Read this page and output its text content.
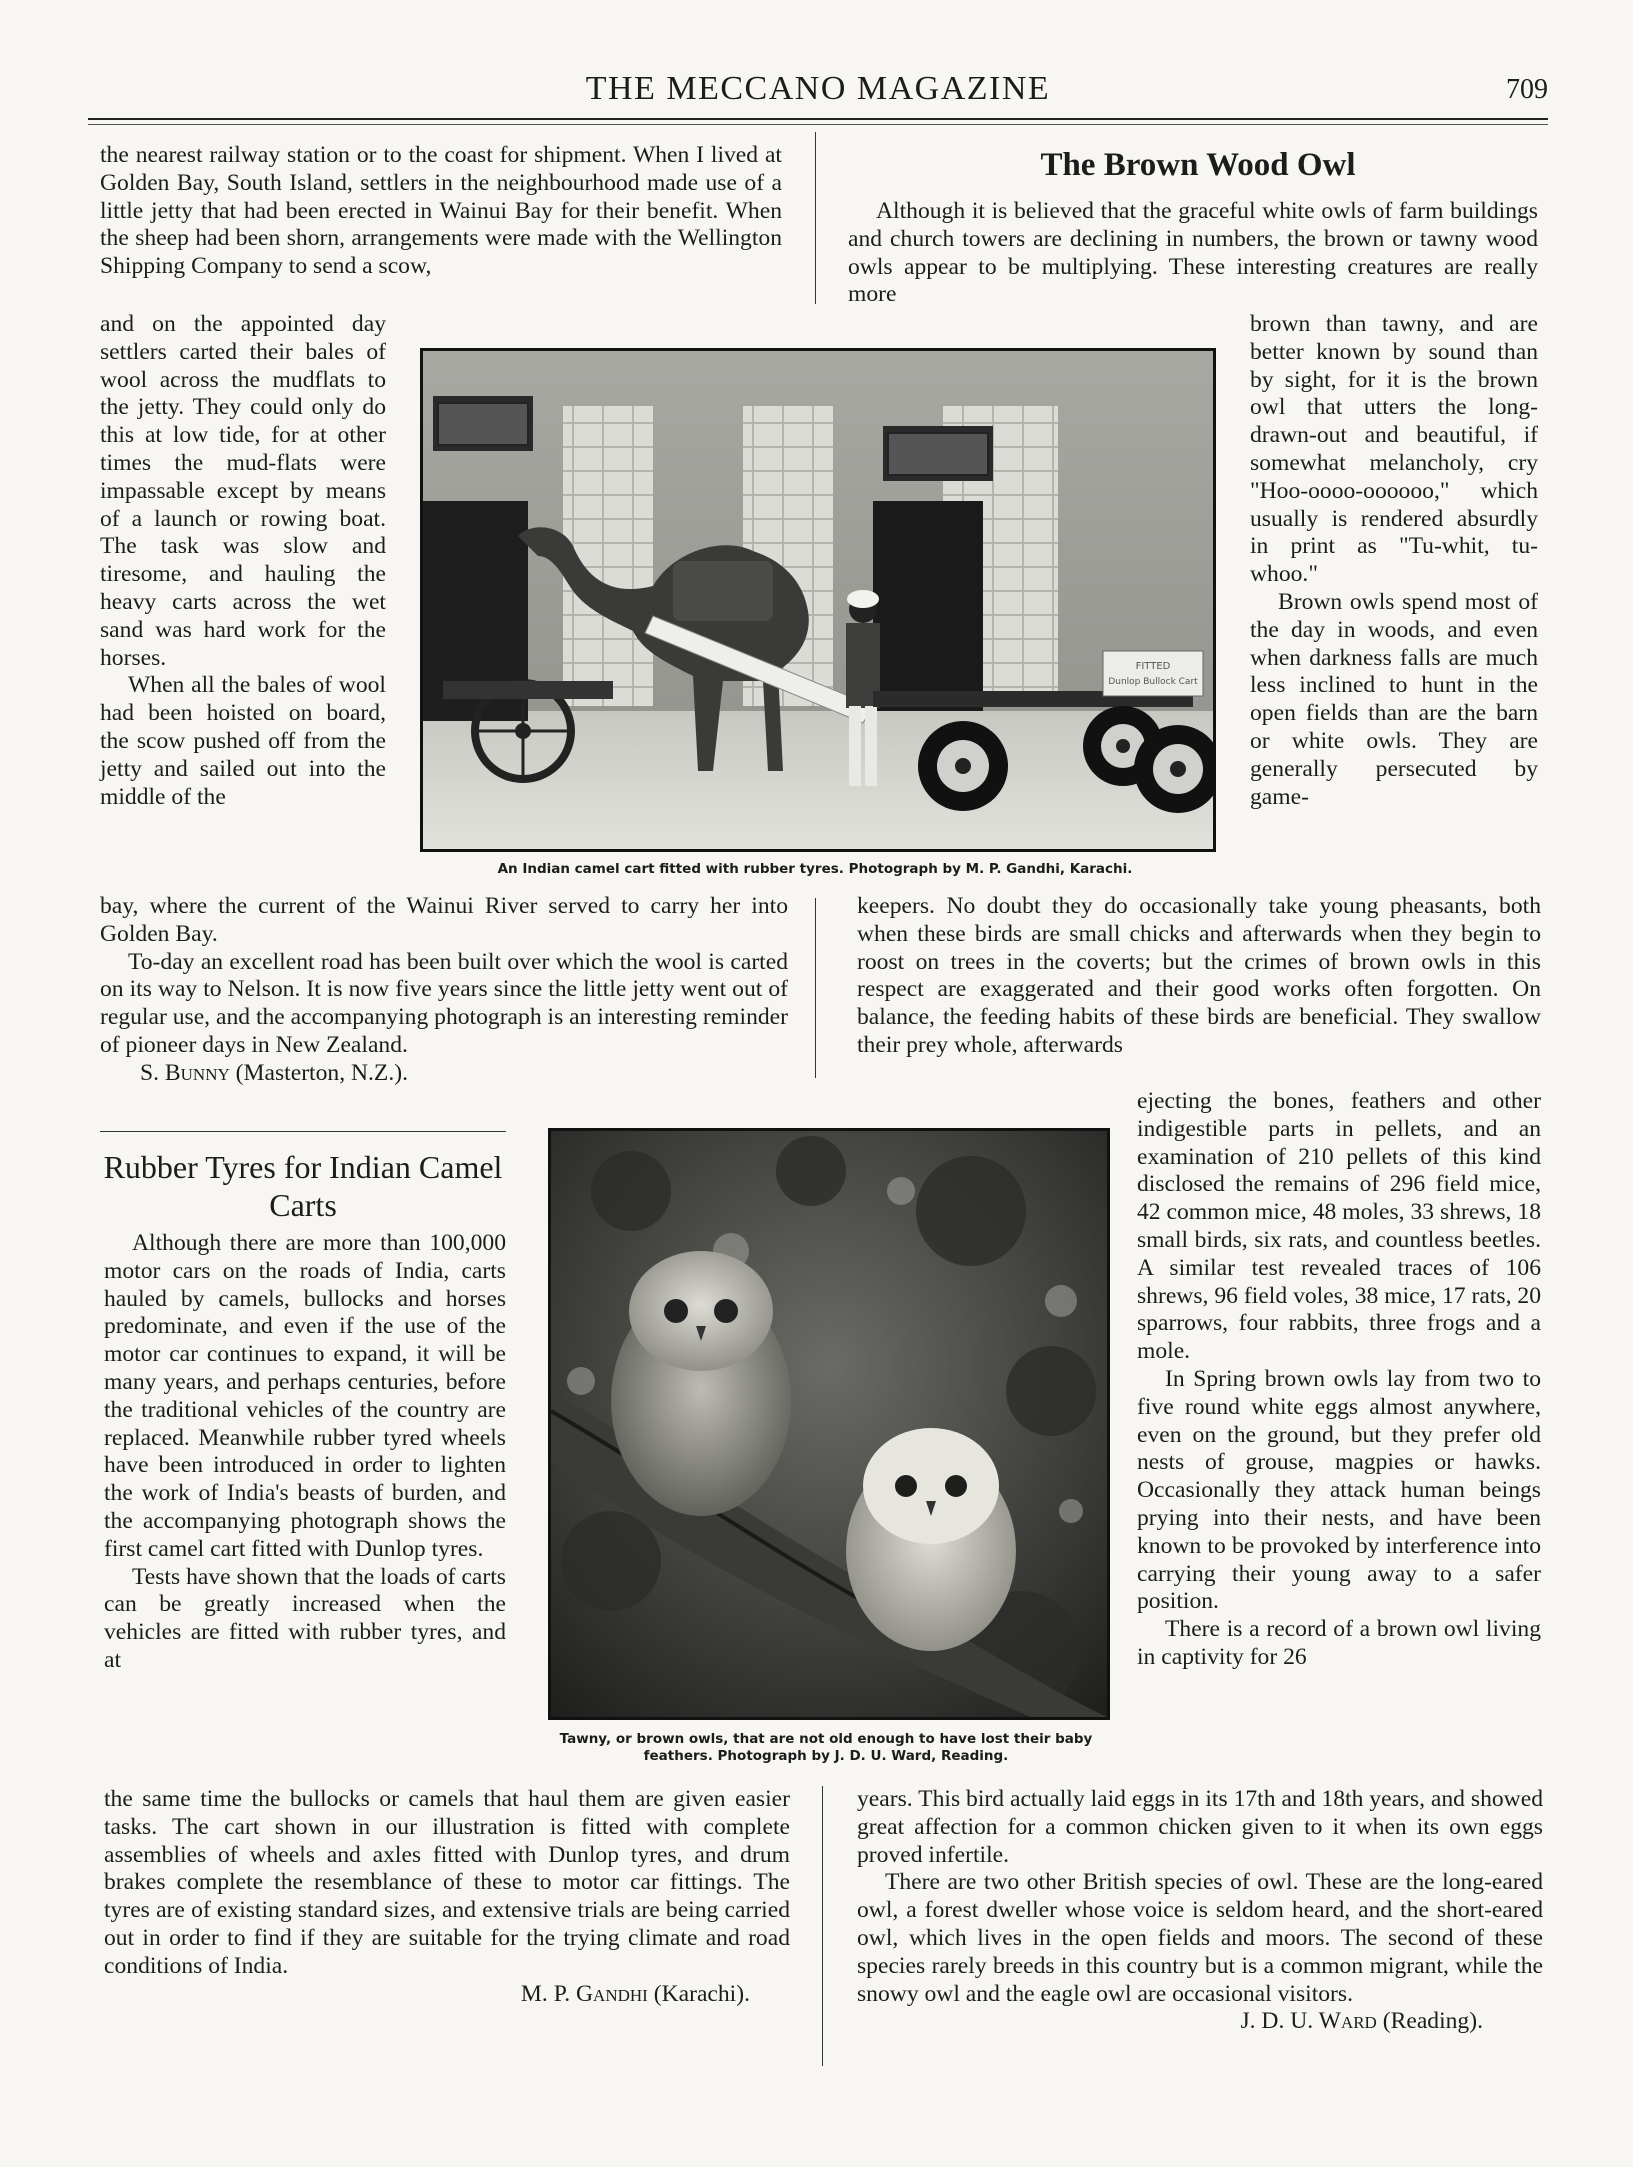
THE MECCANO MAGAZINE	709

the nearest railway station or to the coast for shipment. When I lived at Golden Bay, South Island, settlers in the neighbourhood made use of a little jetty that had been erected in Wainui Bay for their benefit. When the sheep had been shorn, arrangements were made with the Wellington Shipping Company to send a scow,

and on the appointed day settlers carted their bales of wool across the mudflats to the jetty. They could only do this at low tide, for at other times the mud-flats were impassable except by means of a launch or rowing boat. The task was slow and tiresome, and hauling the heavy carts across the wet sand was hard work for the horses.

When all the bales of wool had been hoisted on board, the scow pushed off from the jetty and sailed out into the middle of the

bay, where the current of the Wainui River served to carry her into Golden Bay.

To-day an excellent road has been built over which the wool is carted on its way to Nelson. It is now five years since the little jetty went out of regular use, and the accompanying photograph is an interesting reminder of pioneer days in New Zealand.

S. Bunny (Masterton, N.Z.).

The Brown Wood Owl

Although it is believed that the graceful white owls of farm buildings and church towers are declining in numbers, the brown or tawny wood owls appear to be multiplying. These interesting creatures are really more

brown than tawny, and are better known by sound than by sight, for it is the brown owl that utters the long-drawn-out and beautiful, if somewhat melancholy, cry "Hoo-oooo-oooooo," which usually is rendered absurdly in print as "Tu-whit, tu-whoo."

Brown owls spend most of the day in woods, and even when darkness falls are much less inclined to hunt in the open fields than are the barn or white owls. They are generally persecuted by game-

FITTED
Dunlop Bullock Cart
An Indian camel cart fitted with rubber tyres. Photograph by M. P. Gandhi, Karachi.

keepers. No doubt they do occasionally take young pheasants, both when these birds are small chicks and afterwards when they begin to roost on trees in the coverts; but the crimes of brown owls in this respect are exaggerated and their good works often forgotten. On balance, the feeding habits of these birds are beneficial. They swallow their prey whole, afterwards

ejecting the bones, feathers and other indigestible parts in pellets, and an examination of 210 pellets of this kind disclosed the remains of 296 field mice, 42 common mice, 48 moles, 33 shrews, 18 small birds, six rats, and countless beetles. A similar test revealed traces of 106 shrews, 96 field voles, 38 mice, 17 rats, 20 sparrows, four rabbits, three frogs and a mole.

In Spring brown owls lay from two to five round white eggs almost anywhere, even on the ground, but they prefer old nests of grouse, magpies or hawks. Occasionally they attack human beings prying into their nests, and have been known to be provoked by interference into carrying their young away to a safer position.

There is a record of a brown owl living in captivity for 26

Rubber Tyres for Indian Camel Carts

Although there are more than 100,000 motor cars on the roads of India, carts hauled by camels, bullocks and horses predominate, and even if the use of the motor car continues to expand, it will be many years, and perhaps centuries, before the traditional vehicles of the country are replaced. Meanwhile rubber tyred wheels have been introduced in order to lighten the work of India's beasts of burden, and the accompanying photograph shows the first camel cart fitted with Dunlop tyres.

Tests have shown that the loads of carts can be greatly increased when the vehicles are fitted with rubber tyres, and at

Tawny, or brown owls, that are not old enough to have lost their baby feathers. Photograph by J. D. U. Ward, Reading.

the same time the bullocks or camels that haul them are given easier tasks. The cart shown in our illustration is fitted with complete assemblies of wheels and axles fitted with Dunlop tyres, and drum brakes complete the resemblance of these to motor car fittings. The tyres are of existing standard sizes, and extensive trials are being carried out in order to find if they are suitable for the trying climate and road conditions of India.

M. P. Gandhi (Karachi).

years. This bird actually laid eggs in its 17th and 18th years, and showed great affection for a common chicken given to it when its own eggs proved infertile.

There are two other British species of owl. These are the long-eared owl, a forest dweller whose voice is seldom heard, and the short-eared owl, which lives in the open fields and moors. The second of these species rarely breeds in this country but is a common migrant, while the snowy owl and the eagle owl are occasional visitors.

J. D. U. Ward (Reading).
